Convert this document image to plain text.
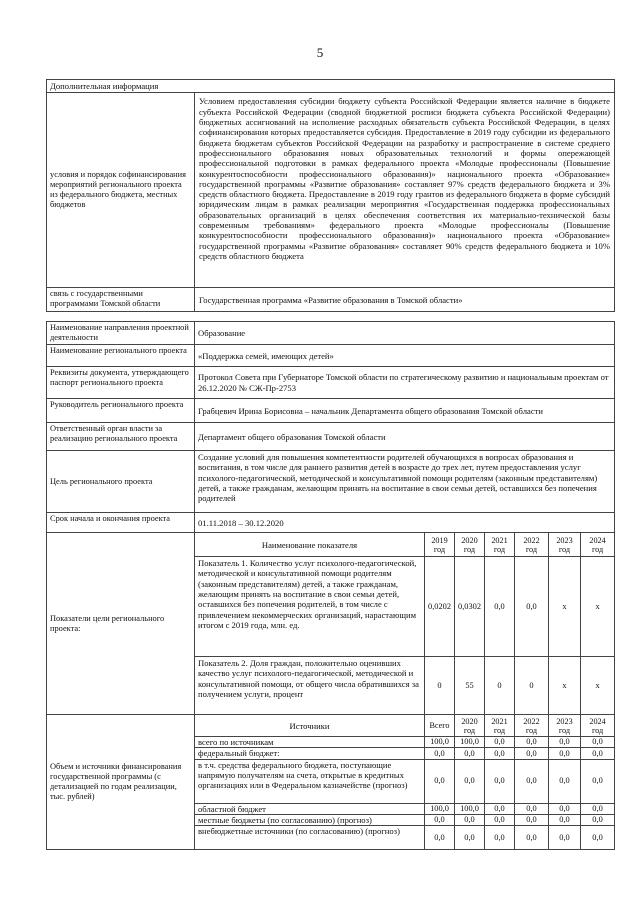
5
Дополнительная информация	
условия и порядок софинансирования мероприятий регионального проекта из федерального бюджета, местных бюджетов	Условием предоставления субсидии бюджету субъекта Российской Федерации является наличие в бюджете субъекта Российской Федерации (сводной бюджетной росписи бюджета субъекта Российской Федерации) бюджетных ассигнований на исполнение расходных обязательств субъекта Российской Федерации, в целях софинансирования которых предоставляется субсидия. Предоставление в 2019 году субсидии из федерального бюджета бюджетам субъектов Российской Федерации на разработку и распространение в системе среднего профессионального образования новых образовательных технологий и формы опережающей профессиональной подготовки в рамках федерального проекта «Молодые профессионалы (Повышение конкурентоспособности профессионального образования)» национального проекта «Образование» государственной программы «Развитие образования» составляет 97% средств федерального бюджета и 3% средств областного бюджета. Предоставление в 2019 году грантов из федерального бюджета в форме субсидий юридическим лицам в рамках реализации мероприятия «Государственная поддержка профессиональных образовательных организаций в целях обеспечения соответствия их материально-технической базы современным требованиям» федерального проекта «Молодые профессионалы (Повышение конкурентоспособности профессионального образования)» национального проекта «Образование» государственной программы «Развитие образования» составляет 90% средств федерального бюджета и 10% средств областного бюджета
связь с государственными программами Томской области	Государственная программа «Развитие образования в Томской области»
Наименование направления проектной деятельности	Образование						
Наименование регионального проекта	«Поддержка семей, имеющих детей»						
Реквизиты документа, утверждающего паспорт регионального проекта	Протокол Совета при Губернаторе Томской области по стратегическому развитию и национальным проектам от 26.12.2020 № СЖ-Пр-2753						
Руководитель регионального проекта	Грабцевич Ирина Борисовна – начальник Департамента общего образования Томской области						
Ответственный орган власти за реализацию регионального проекта	Департамент общего образования Томской области						
Цель регионального проекта	Создание условий для повышения компетентности родителей обучающихся в вопросах образования и воспитания, в том числе для раннего развития детей в возрасте до трех лет, путем предоставления услуг психолого-педагогической, методической и консультативной помощи родителям (законным представителям) детей, а также гражданам, желающим принять на воспитание в свои семьи детей, оставшихся без попечения родителей						
Срок начала и окончания проекта	01.11.2018 – 30.12.2020						
Показатели цели регионального проекта:	Наименование показателя	2019 год	2020 год	2021 год	2022 год	2023 год	2024 год
	Показатель 1. Количество услуг психолого-педагогической, методической и консультативной помощи родителям (законным представителям) детей, а также гражданам, желающим принять на воспитание в свои семьи детей, оставшихся без попечения родителей, в том числе с привлечением некоммерческих организаций, нарастающим итогом с 2019 года, млн. ед.	0,0202	0,0302	0,0	0,0	х	х
	Показатель 2. Доля граждан, положительно оценивших качество услуг психолого-педагогической, методической и консультативной помощи, от общего числа обратившихся за получением услуги, процент	0	55	0	0	х	х
Объем и источники финансирования государственной программы (с детализацией по годам реализации, тыс. рублей)	Источники	Всего	2020 год	2021 год	2022 год	2023 год	2024 год
	всего по источникам	100,0	100,0	0,0	0,0	0,0	0,0
	федеральный бюджет:	0,0	0,0	0,0	0,0	0,0	0,0
	в т.ч. средства федерального бюджета, поступающие напрямую получателям на счета, открытые в кредитных организациях или в Федеральном казначействе (прогноз)	0,0	0,0	0,0	0,0	0,0	0,0
	областной бюджет	100,0	100,0	0,0	0,0	0,0	0,0
	местные бюджеты (по согласованию) (прогноз)	0,0	0,0	0,0	0,0	0,0	0,0
	внебюджетные источники (по согласованию) (прогноз)	0,0	0,0	0,0	0,0	0,0	0,0
